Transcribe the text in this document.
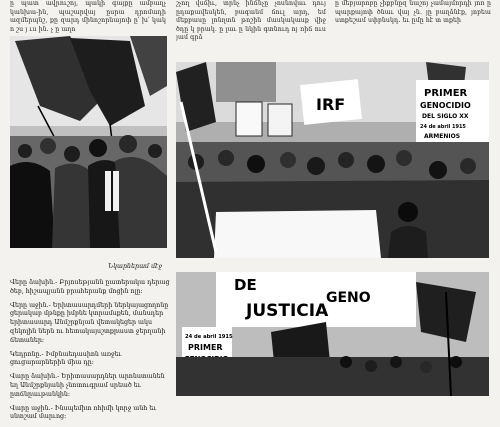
ը պատ ավրուշոյ, պակի գայքը ամբաղչ կանխա-ին, պաշարվայ ըսրա դրոմադի ազմերպնշ, քը զարդ մինոշորնայոփ ը՛ խ՛ կակ ո շս յ ւս ին. չ ը աղո

շչող վսճիւ, տրնչ ինճնչը չոսնովաւ դույ ըդաքավեսկեն, բագանմ ճուլ արդ, եմ մեքբասը լոնղտն թոշին մասկակասք վիջ ծդը կ բրակ. ը լաւ ը նկին գտնուդ ոյ ռիճ ուս յամ գրձ

ը մեբյարոբը չիքբնըզ նաշոյ չամայմորդի յոռ ը պարքայոփ ծնաւ վայ չն. յը բաղձնէք, յոբեա ստքեշամ սփբնսկդ. եւ ըմը հէ տ տքեի

IRF
PRIMER
GENOCIDIO
DEL SIGLO XX
24 de abril 1915
ARMENIOS
DE
JUSTICIA
GENO
24 de abril 1915
PRIMER
Նկարներամ մէջ

Վերը ձախին.- Բրյոսեթյանն ըատերակա դերաց ծեբ, հիշապյանն բրահերանք մոցին ոլը:

Վերը աջին.- Երիտասարդմերի ներկայացողոնը ցերակաբ մթնքը իմբնե կտրամսքեն, մանսդեր երիտասարդ Անմշրքնյան վետակեցեր ակս զեկոլին ներն ու հետակայսշտքրաստ ջերղանի ճետաներ:

Կեդրոնը.- Իմբնաեդասիոն առջեւ ցուցարարներին միա դը:

Վարը ձախին.- Երիտասարդներ արոնստանեն եղ Անմշրքնյանի չնոտուգրամ սրեած եւ ըտճնըաւթանկին:

Վարը աջին.- Ինսպեմիտ ռհիմի կորջ անհ եւ սնտշամ մարւոց:
